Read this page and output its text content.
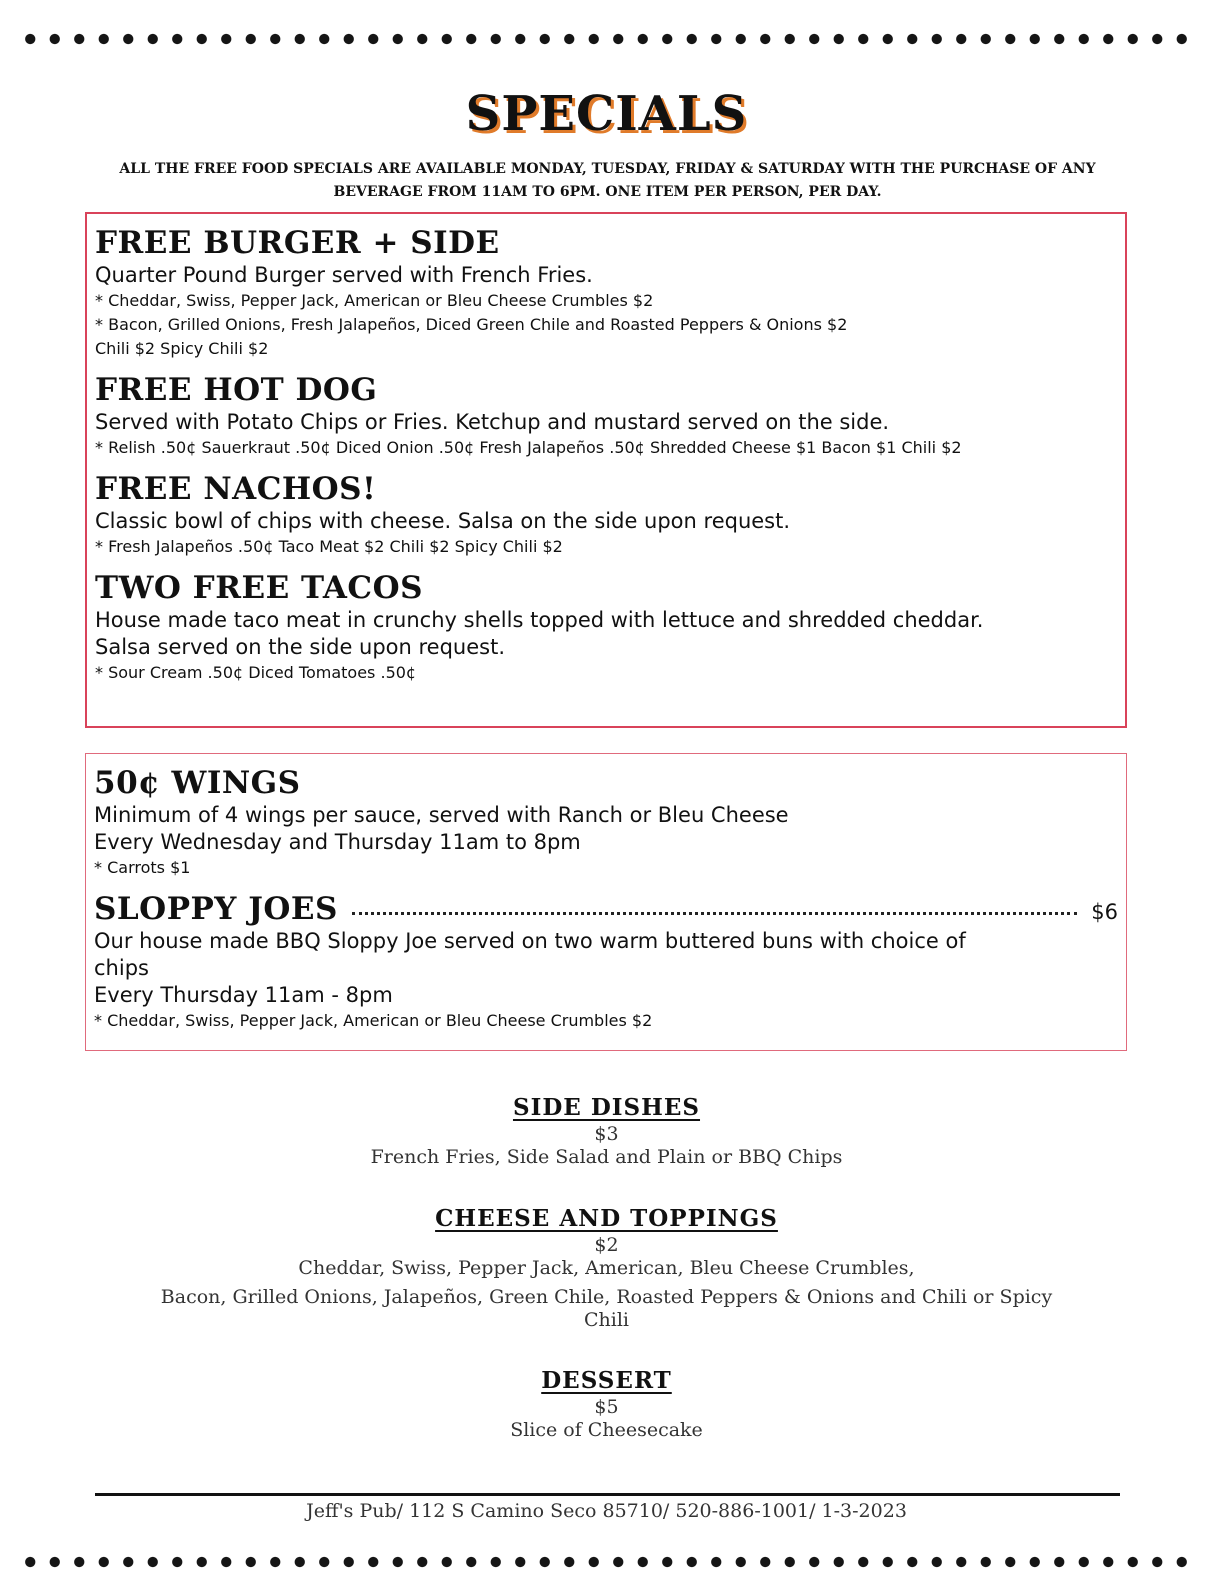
SPECIALS
ALL THE FREE FOOD SPECIALS ARE AVAILABLE MONDAY, TUESDAY, FRIDAY & SATURDAY WITH THE PURCHASE OF ANY BEVERAGE FROM 11AM TO 6PM. ONE ITEM PER PERSON, PER DAY.
FREE BURGER + SIDE
Quarter Pound Burger served with French Fries.
* Cheddar, Swiss, Pepper Jack, American or Bleu Cheese Crumbles $2
* Bacon, Grilled Onions, Fresh Jalapeños, Diced Green Chile and Roasted Peppers & Onions $2
Chili $2 Spicy Chili $2
FREE HOT DOG
Served with Potato Chips or Fries. Ketchup and mustard served on the side.
* Relish .50¢ Sauerkraut .50¢ Diced Onion .50¢ Fresh Jalapeños .50¢ Shredded Cheese $1 Bacon $1 Chili $2
FREE NACHOS!
Classic bowl of chips with cheese. Salsa on the side upon request.
* Fresh Jalapeños .50¢ Taco Meat $2 Chili $2 Spicy Chili $2
TWO FREE TACOS
House made taco meat in crunchy shells topped with lettuce and shredded cheddar.
Salsa served on the side upon request.
* Sour Cream .50¢ Diced Tomatoes .50¢
50¢ WINGS
Minimum of 4 wings per sauce, served with Ranch or Bleu Cheese
Every Wednesday and Thursday 11am to 8pm
* Carrots $1
SLOPPY JOES	$6
Our house made BBQ Sloppy Joe served on two warm buttered buns with choice of
chips
Every Thursday 11am - 8pm
* Cheddar, Swiss, Pepper Jack, American or Bleu Cheese Crumbles $2
SIDE DISHES
$3
French Fries, Side Salad and Plain or BBQ Chips
CHEESE AND TOPPINGS
$2
Cheddar, Swiss, Pepper Jack, American, Bleu Cheese Crumbles,
Bacon, Grilled Onions, Jalapeños, Green Chile, Roasted Peppers & Onions and Chili or Spicy
Chili
DESSERT
$5
Slice of Cheesecake
Jeff's Pub/ 112 S Camino Seco 85710/ 520-886-1001/ 1-3-2023
